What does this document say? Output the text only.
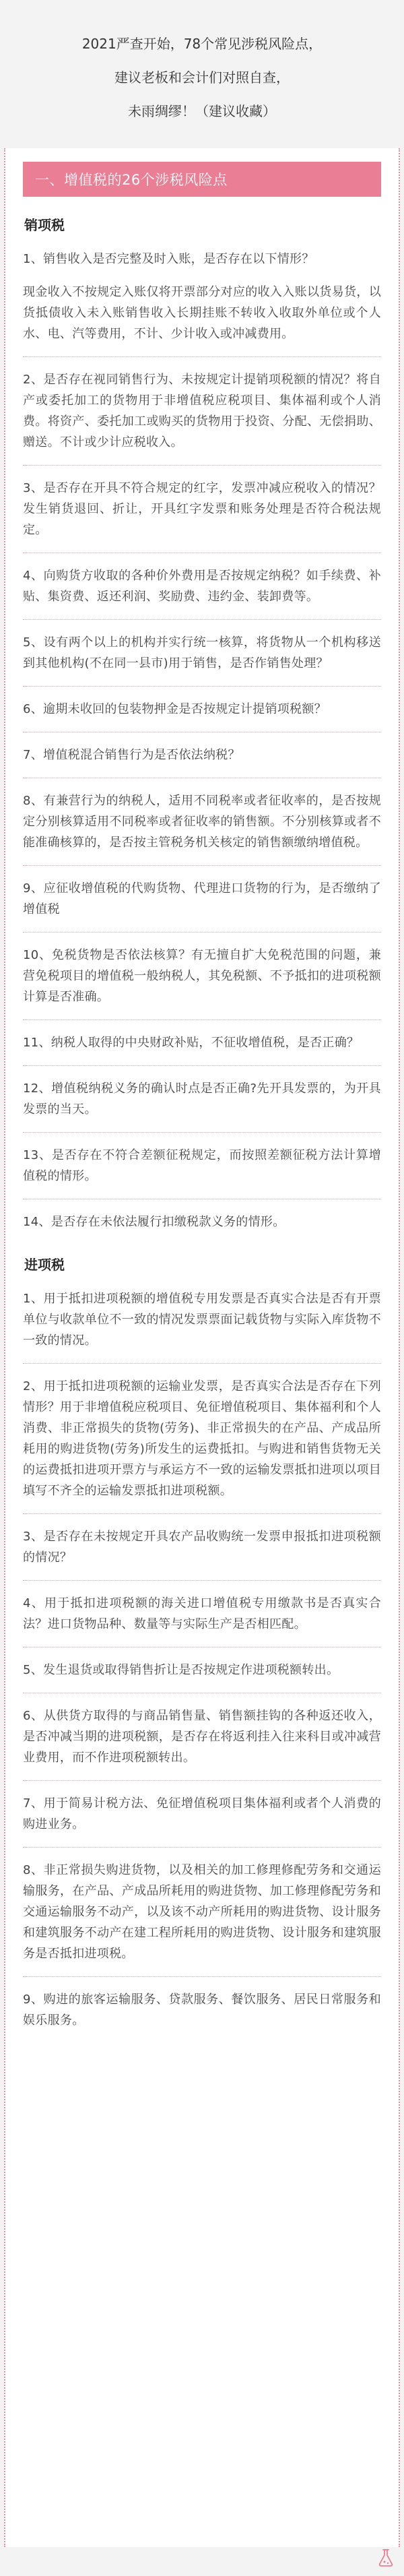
2021严查开始，78个常见涉税风险点，

建议老板和会计们对照自查，

未雨绸缪！（建议收藏）

一、增值税的26个涉税风险点
销项税

1、销售收入是否完整及时入账，是否存在以下情形？

现金收入不按规定入账仅将开票部分对应的收入入账以货易货，以货抵债收入未入账销售收入长期挂账不转收入收取外单位或个人水、电、汽等费用，不计、少计收入或冲减费用。

2、是否存在视同销售行为、未按规定计提销项税额的情况？将自产或委托加工的货物用于非增值税应税项目、集体福利或个人消费。将资产、委托加工或购买的货物用于投资、分配、无偿捐助、赠送。不计或少计应税收入。

3、是否存在开具不符合规定的红字，发票冲减应税收入的情况？发生销货退回、折让，开具红字发票和账务处理是否符合税法规定。

4、向购货方收取的各种价外费用是否按规定纳税？如手续费、补贴、集资费、返还利润、奖励费、违约金、装卸费等。

5、设有两个以上的机构并实行统一核算，将货物从一个机构移送到其他机构(不在同一县市)用于销售，是否作销售处理？

6、逾期未收回的包装物押金是否按规定计提销项税额？

7、增值税混合销售行为是否依法纳税？

8、有兼营行为的纳税人，适用不同税率或者征收率的，是否按规定分别核算适用不同税率或者征收率的销售额。不分别核算或者不能准确核算的，是否按主管税务机关核定的销售额缴纳增值税。

9、应征收增值税的代购货物、代理进口货物的行为，是否缴纳了增值税

10、免税货物是否依法核算？有无擅自扩大免税范围的问题，兼营免税项目的增值税一般纳税人，其免税额、不予抵扣的进项税额计算是否准确。

11、纳税人取得的中央财政补贴，不征收增值税，是否正确？

12、增值税纳税义务的确认时点是否正确?先开具发票的，为开具发票的当天。

13、是否存在不符合差额征税规定，而按照差额征税方法计算增值税的情形。

14、是否存在未依法履行扣缴税款义务的情形。

进项税

1、用于抵扣进项税额的增值税专用发票是否真实合法是否有开票单位与收款单位不一致的情况发票票面记载货物与实际入库货物不一致的情况。

2、用于抵扣进项税额的运输业发票，是否真实合法是否存在下列情形？用于非增值税应税项目、免征增值税项目、集体福利和个人消费、非正常损失的货物(劳务)、非正常损失的在产品、产成品所耗用的购进货物(劳务)所发生的运费抵扣。与购进和销售货物无关的运费抵扣进项开票方与承运方不一致的运输发票抵扣进项以项目填写不齐全的运输发票抵扣进项税额。

3、是否存在未按规定开具农产品收购统一发票申报抵扣进项税额的情况？

4、用于抵扣进项税额的海关进口增值税专用缴款书是否真实合法？进口货物品种、数量等与实际生产是否相匹配。

5、发生退货或取得销售折让是否按规定作进项税额转出。

6、从供货方取得的与商品销售量、销售额挂钩的各种返还收入，是否冲减当期的进项税额，是否存在将返利挂入往来科目或冲减营业费用，而不作进项税额转出。

7、用于简易计税方法、免征增值税项目集体福利或者个人消费的购进业务。

8、非正常损失购进货物，以及相关的加工修理修配劳务和交通运输服务，在产品、产成品所耗用的购进货物、加工修理修配劳务和交通运输服务不动产，以及该不动产所耗用的购进货物、设计服务和建筑服务不动产在建工程所耗用的购进货物、设计服务和建筑服务是否抵扣进项税。

9、购进的旅客运输服务、贷款服务、餐饮服务、居民日常服务和娱乐服务。
